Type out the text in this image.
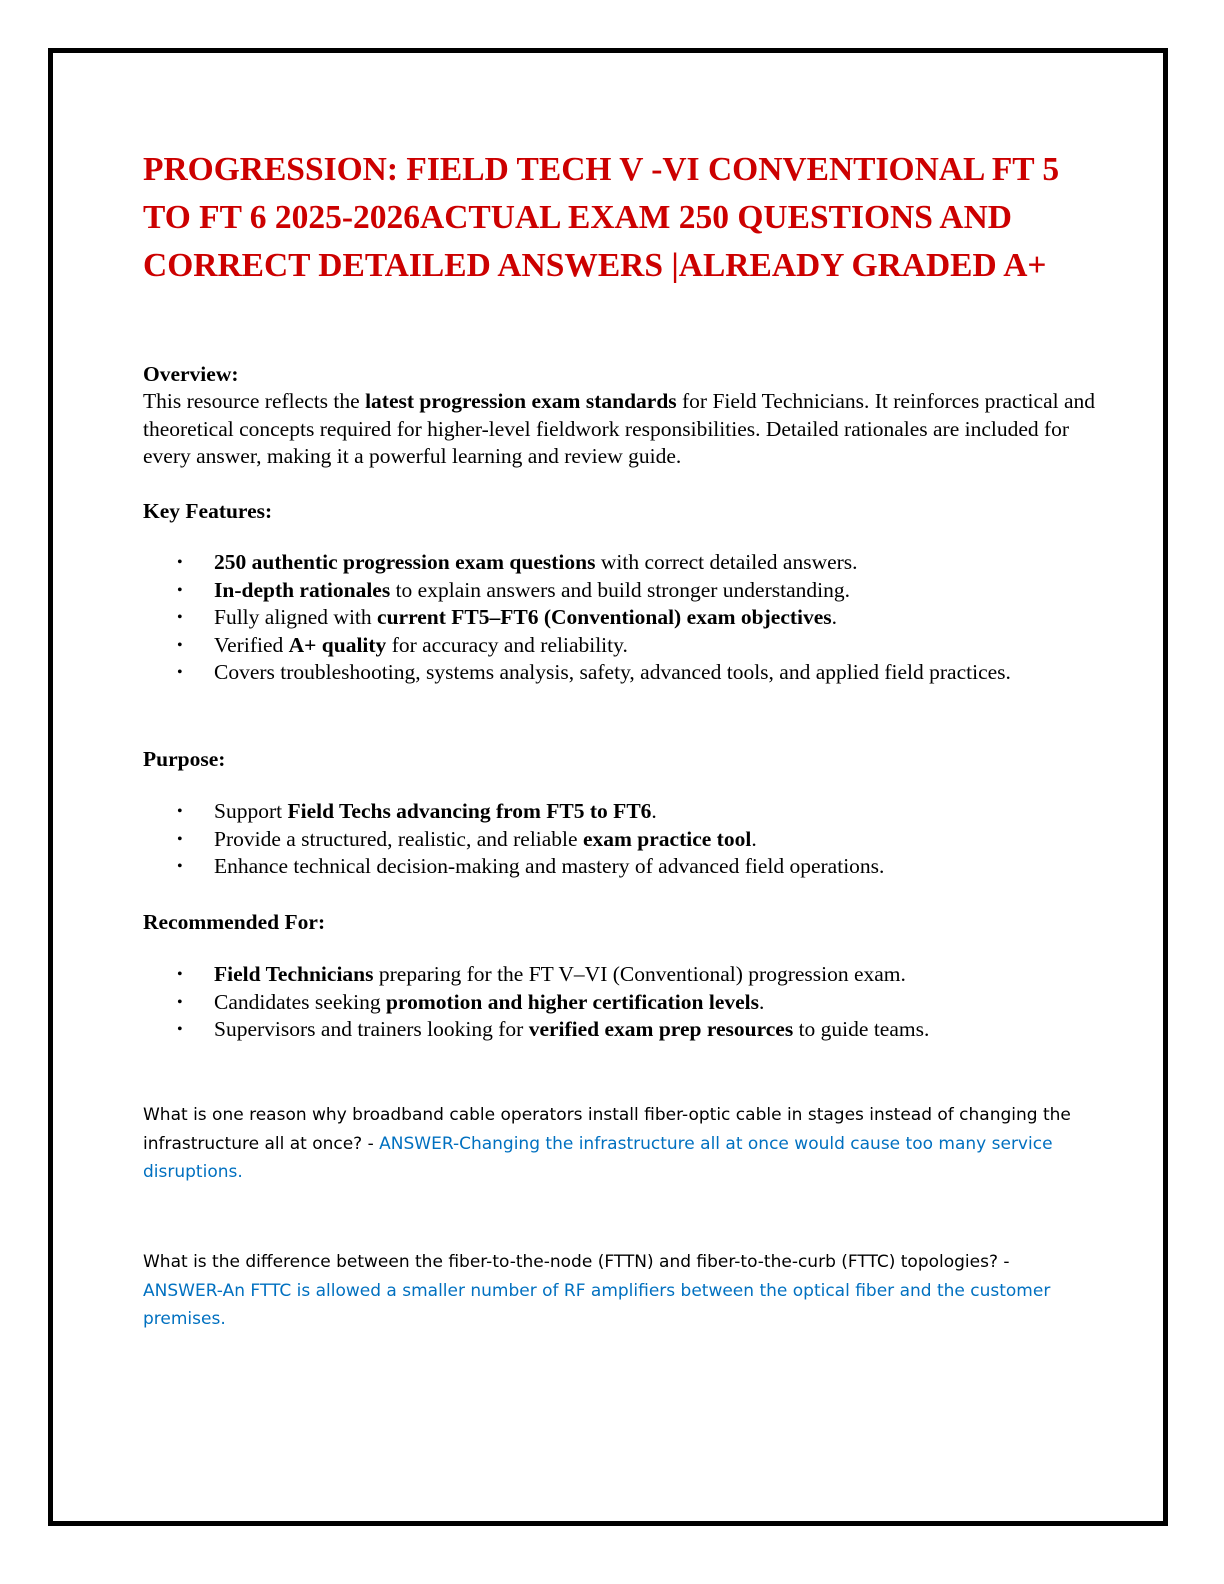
PROGRESSION: FIELD TECH V -VI CONVENTIONAL FT 5 TO FT 6 2025-2026ACTUAL EXAM 250 QUESTIONS AND CORRECT DETAILED ANSWERS |ALREADY GRADED A+

Overview:

This resource reflects the latest progression exam standards for Field Technicians. It reinforces practical and theoretical concepts required for higher-level fieldwork responsibilities. Detailed rationales are included for every answer, making it a powerful learning and review guide.

Key Features:

• 250 authentic progression exam questions with correct detailed answers.
• In-depth rationales to explain answers and build stronger understanding.
• Fully aligned with current FT5–FT6 (Conventional) exam objectives.
• Verified A+ quality for accuracy and reliability.
• Covers troubleshooting, systems analysis, safety, advanced tools, and applied field practices.

Purpose:

• Support Field Techs advancing from FT5 to FT6.
• Provide a structured, realistic, and reliable exam practice tool.
• Enhance technical decision-making and mastery of advanced field operations.

Recommended For:

• Field Technicians preparing for the FT V–VI (Conventional) progression exam.
• Candidates seeking promotion and higher certification levels.
• Supervisors and trainers looking for verified exam prep resources to guide teams.
What is one reason why broadband cable operators install fiber-optic cable in stages instead of changing the infrastructure all at once? - ANSWER-Changing the infrastructure all at once would cause too many service disruptions.
What is the difference between the fiber-to-the-node (FTTN) and fiber-to-the-curb (FTTC) topologies? - ANSWER-An FTTC is allowed a smaller number of RF amplifiers between the optical fiber and the customer premises.
